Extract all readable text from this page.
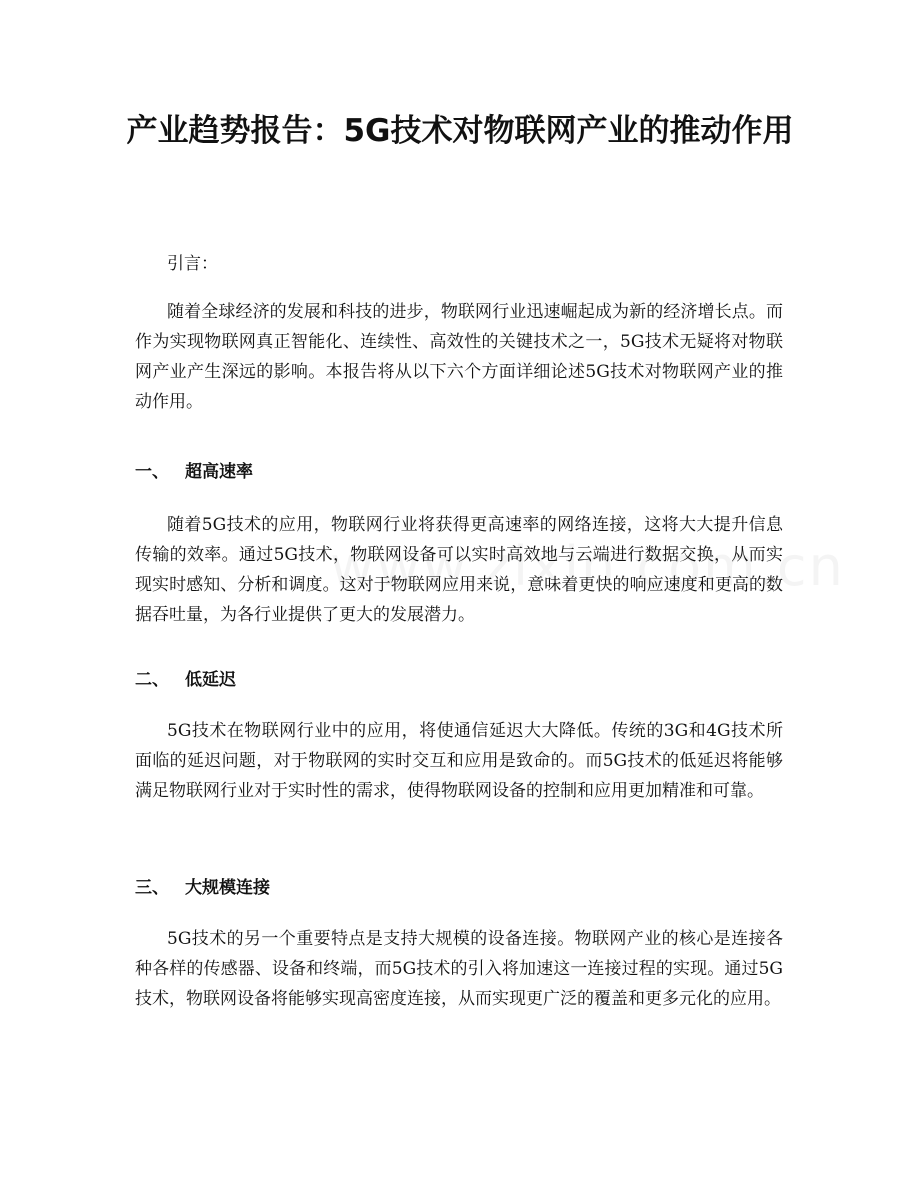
产业趋势报告：5G技术对物联网产业的推动作用

引言：

随着全球经济的发展和科技的进步，物联网行业迅速崛起成为新的经济增长点。而作为实现物联网真正智能化、连续性、高效性的关键技术之一，5G技术无疑将对物联网产业产生深远的影响。本报告将从以下六个方面详细论述5G技术对物联网产业的推动作用。

一、 超高速率

随着5G技术的应用，物联网行业将获得更高速率的网络连接，这将大大提升信息传输的效率。通过5G技术，物联网设备可以实时高效地与云端进行数据交换，从而实现实时感知、分析和调度。这对于物联网应用来说，意味着更快的响应速度和更高的数据吞吐量，为各行业提供了更大的发展潜力。

二、 低延迟

5G技术在物联网行业中的应用，将使通信延迟大大降低。传统的3G和4G技术所面临的延迟问题，对于物联网的实时交互和应用是致命的。而5G技术的低延迟将能够满足物联网行业对于实时性的需求，使得物联网设备的控制和应用更加精准和可靠。

三、 大规模连接

5G技术的另一个重要特点是支持大规模的设备连接。物联网产业的核心是连接各种各样的传感器、设备和终端，而5G技术的引入将加速这一连接过程的实现。通过5G技术，物联网设备将能够实现高密度连接，从而实现更广泛的覆盖和更多元化的应用。
